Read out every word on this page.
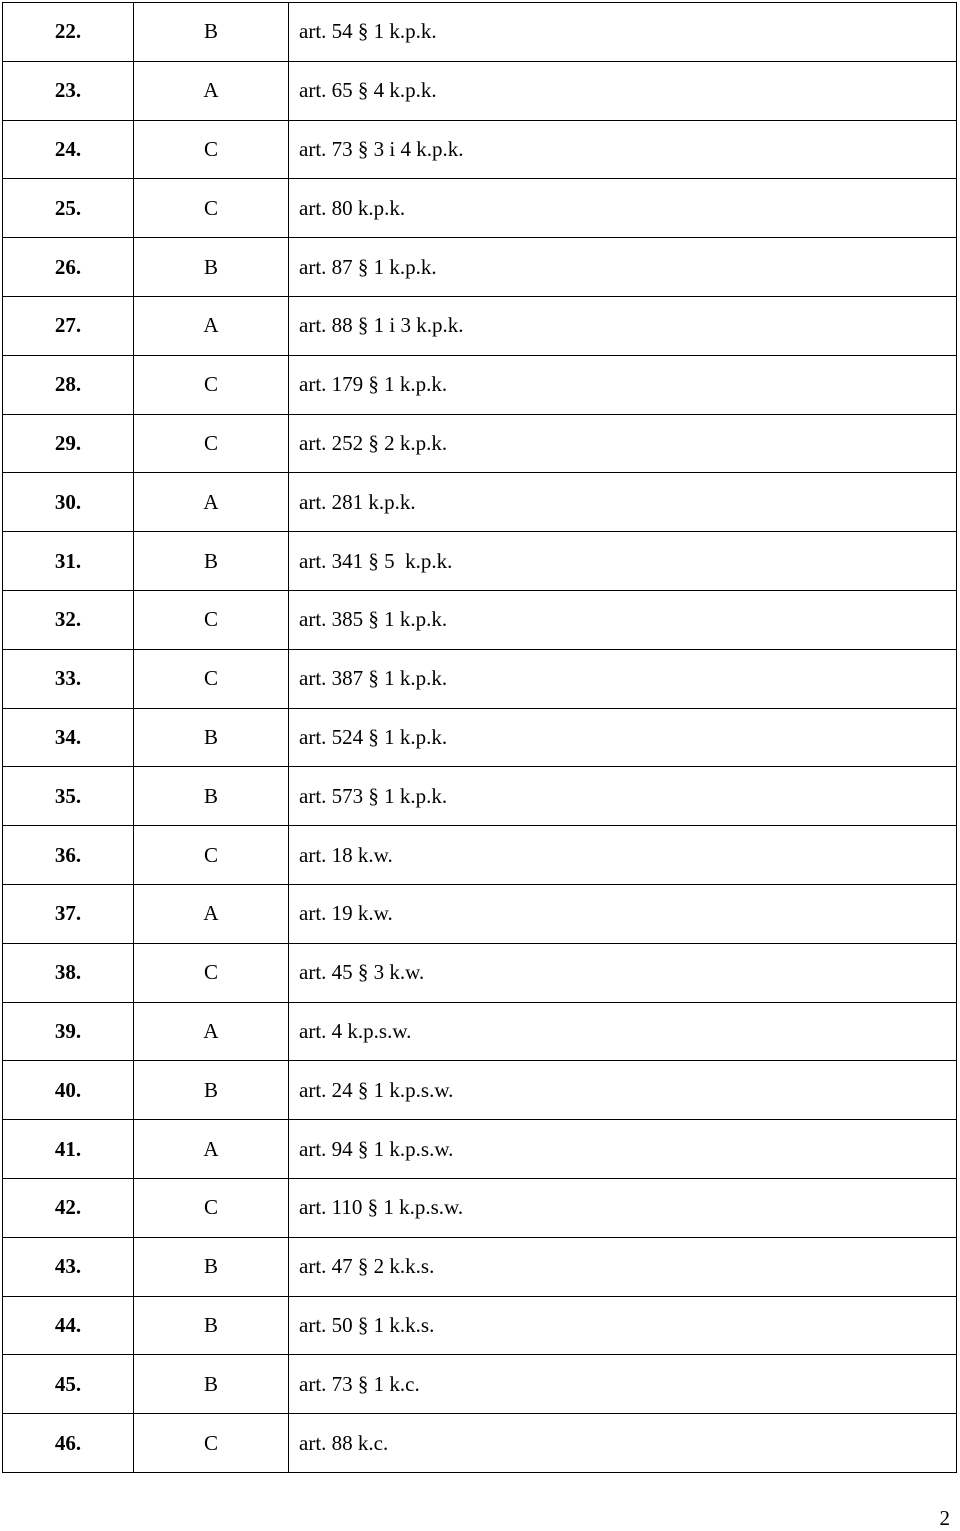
22.	B	art. 54 § 1 k.p.k.
23.	A	art. 65 § 4 k.p.k.
24.	C	art. 73 § 3 i 4 k.p.k.
25.	C	art. 80 k.p.k.
26.	B	art. 87 § 1 k.p.k.
27.	A	art. 88 § 1 i 3 k.p.k.
28.	C	art. 179 § 1 k.p.k.
29.	C	art. 252 § 2 k.p.k.
30.	A	art. 281 k.p.k.
31.	B	art. 341 § 5  k.p.k.
32.	C	art. 385 § 1 k.p.k.
33.	C	art. 387 § 1 k.p.k.
34.	B	art. 524 § 1 k.p.k.
35.	B	art. 573 § 1 k.p.k.
36.	C	art. 18 k.w.
37.	A	art. 19 k.w.
38.	C	art. 45 § 3 k.w.
39.	A	art. 4 k.p.s.w.
40.	B	art. 24 § 1 k.p.s.w.
41.	A	art. 94 § 1 k.p.s.w.
42.	C	art. 110 § 1 k.p.s.w.
43.	B	art. 47 § 2 k.k.s.
44.	B	art. 50 § 1 k.k.s.
45.	B	art. 73 § 1 k.c.
46.	C	art. 88 k.c.
2
